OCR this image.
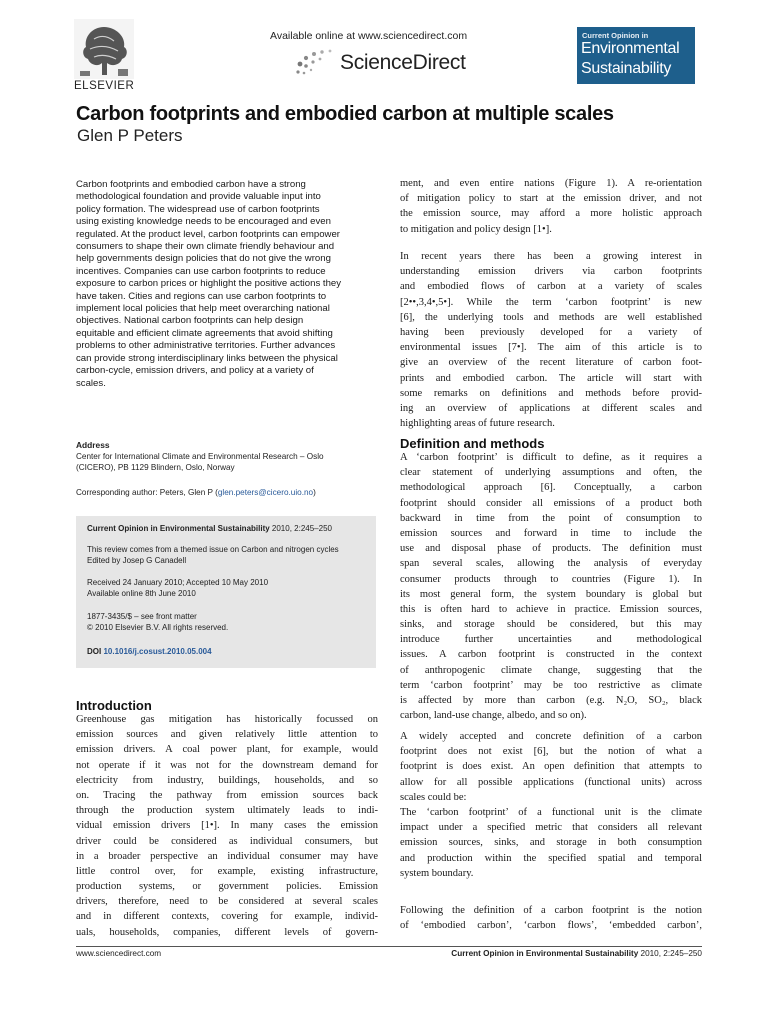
ELSEVIER
Available online at www.sciencedirect.com
ScienceDirect
Current Opinion in
Environmental
Sustainability
Carbon footprints and embodied carbon at multiple scales
Glen P Peters
Carbon footprints and embodied carbon have a strong
methodological foundation and provide valuable input into
policy formation. The widespread use of carbon footprints
using existing knowledge needs to be encouraged and even
regulated. At the product level, carbon footprints can empower
consumers to shape their own climate friendly behaviour and
help governments design policies that do not give the wrong
incentives. Companies can use carbon footprints to reduce
exposure to carbon prices or highlight the positive actions they
have taken. Cities and regions can use carbon footprints to
implement local policies that help meet overarching national
objectives. National carbon footprints can help design
equitable and efficient climate agreements that avoid shifting
problems to other administrative territories. Further advances
can provide strong interdisciplinary links between the physical
carbon-cycle, emission drivers, and policy at a variety of
scales.
Address
Center for International Climate and Environmental Research – Oslo
(CICERO), PB 1129 Blindern, Oslo, Norway
Corresponding author: Peters, Glen P (glen.peters@cicero.uio.no)
Current Opinion in Environmental Sustainability 2010, 2:245–250
This review comes from a themed issue on Carbon and nitrogen cycles
Edited by Josep G Canadell
Received 24 January 2010; Accepted 10 May 2010
Available online 8th June 2010
1877-3435/$ – see front matter
© 2010 Elsevier B.V. All rights reserved.
DOI 10.1016/j.cosust.2010.05.004
Introduction
Greenhouse gas mitigation has historically focussed on
emission sources and given relatively little attention to
emission drivers. A coal power plant, for example, would
not operate if it was not for the downstream demand for
electricity from industry, buildings, households, and so
on. Tracing the pathway from emission sources back
through the production system ultimately leads to indi-
vidual emission drivers [1•]. In many cases the emission
driver could be considered as individual consumers, but
in a broader perspective an individual consumer may have
little control over, for example, existing infrastructure,
production systems, or government policies. Emission
drivers, therefore, need to be considered at several scales
and in different contexts, covering for example, individ-
uals, households, companies, different levels of govern-
ment, and even entire nations (Figure 1). A re-orientation
of mitigation policy to start at the emission driver, and not
the emission source, may afford a more holistic approach
to mitigation and policy design [1•].
In recent years there has been a growing interest in
understanding emission drivers via carbon footprints
and embodied flows of carbon at a variety of scales
[2••,3,4•,5•]. While the term ‘carbon footprint’ is new
[6], the underlying tools and methods are well established
having been previously developed for a variety of
environmental issues [7•]. The aim of this article is to
give an overview of the recent literature of carbon foot-
prints and embodied carbon. The article will start with
some remarks on definitions and methods before provid-
ing an overview of applications at different scales and
highlighting areas of future research.
Definition and methods
A ‘carbon footprint’ is difficult to define, as it requires a
clear statement of underlying assumptions and often, the
methodological approach [6]. Conceptually, a carbon
footprint should consider all emissions of a product both
backward in time from the point of consumption to
emission sources and forward in time to include the
use and disposal phase of products. The definition must
span several scales, allowing the analysis of everyday
consumer products through to countries (Figure 1). In
its most general form, the system boundary is global but
this is often hard to achieve in practice. Emission sources,
sinks, and storage should be considered, but this may
introduce further uncertainties and methodological
issues. A carbon footprint is constructed in the context
of anthropogenic climate change, suggesting that the
term ‘carbon footprint’ may be too restrictive as climate
is affected by more than carbon (e.g. N₂O, SO₂, black
carbon, land-use change, albedo, and so on).
A widely accepted and concrete definition of a carbon
footprint does not exist [6], but the notion of what a
footprint is does exist. An open definition that attempts to
allow for all possible applications (functional units) across
scales could be:
The ‘carbon footprint’ of a functional unit is the climate
impact under a specified metric that considers all relevant
emission sources, sinks, and storage in both consumption
and production within the specified spatial and temporal
system boundary.
Following the definition of a carbon footprint is the notion
of ‘embodied carbon’, ‘carbon flows’, ‘embedded carbon’,
www.sciencedirect.com	Current Opinion in Environmental Sustainability 2010, 2:245–250
